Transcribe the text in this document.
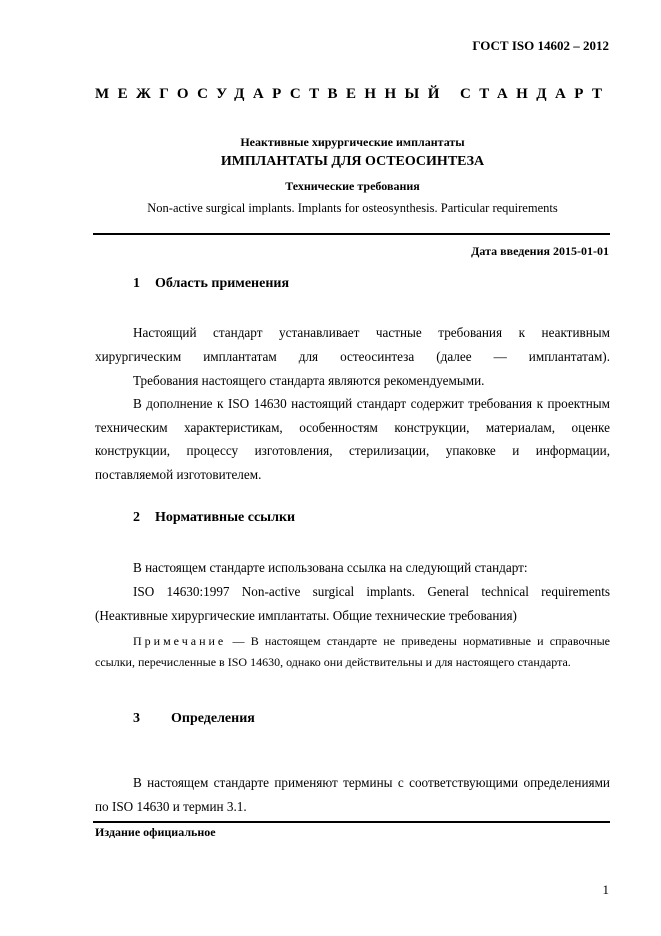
ГОСТ ISO 14602 – 2012
МЕЖГОСУДАРСТВЕННЫЙ СТАНДАРТ
Неактивные хирургические имплантаты
ИМПЛАНТАТЫ ДЛЯ ОСТЕОСИНТЕЗА
Технические требования
Non-active surgical implants. Implants for osteosynthesis. Particular requirements
Дата введения 2015-01-01
1 Область применения
Настоящий стандарт устанавливает частные требования к неактивным хирургическим имплантатам для остеосинтеза (далее — имплантатам).
Требования настоящего стандарта являются рекомендуемыми.
В дополнение к ISO 14630 настоящий стандарт содержит требования к проектным техническим характеристикам, особенностям конструкции, материалам, оценке конструкции, процессу изготовления, стерилизации, упаковке и информации, поставляемой изготовителем.
2 Нормативные ссылки
В настоящем стандарте использована ссылка на следующий стандарт:
ISO 14630:1997 Non-active surgical implants. General technical requirements (Неактивные хирургические имплантаты. Общие технические требования)
Примечание — В настоящем стандарте не приведены нормативные и справочные ссылки, перечисленные в ISO 14630, однако они действительны и для настоящего стандарта.
3 Определения
В настоящем стандарте применяют термины с соответствующими определениями по ISO 14630 и термин 3.1.
Издание официальное
1
